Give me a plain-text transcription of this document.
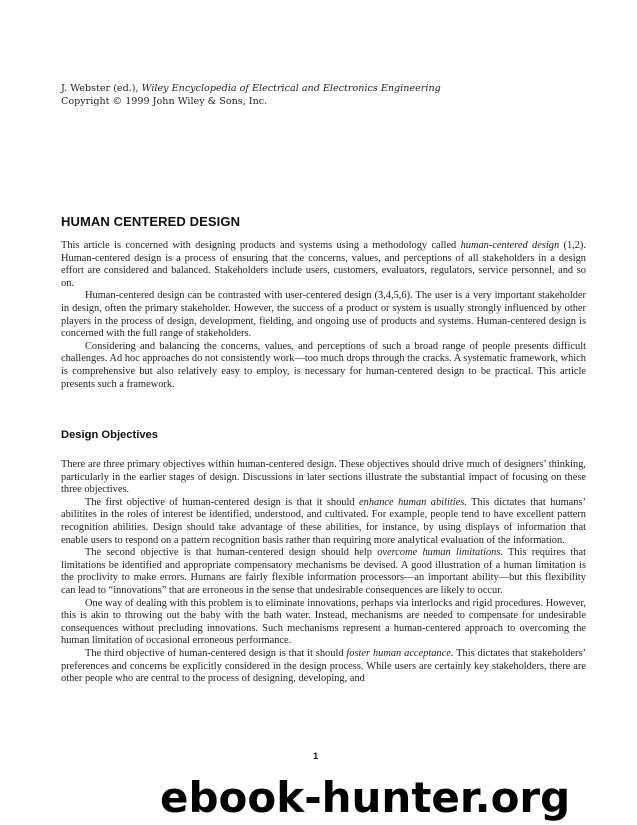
J. Webster (ed.), Wiley Encyclopedia of Electrical and Electronics Engineering
Copyright © 1999 John Wiley & Sons, Inc.
HUMAN CENTERED DESIGN

This article is concerned with designing products and systems using a methodology called human-centered design (1,2). Human-centered design is a process of ensuring that the concerns, values, and perceptions of all stakeholders in a design effort are considered and balanced. Stakeholders include users, customers, evaluators, regulators, service personnel, and so on.

Human-centered design can be contrasted with user-centered design (3,4,5,6). The user is a very important stakeholder in design, often the primary stakeholder. However, the success of a product or system is usually strongly influenced by other players in the process of design, development, fielding, and ongoing use of products and systems. Human-centered design is concerned with the full range of stakeholders.

Considering and balancing the concerns, values, and perceptions of such a broad range of people presents difficult challenges. Ad hoc approaches do not consistently work—too much drops through the cracks. A systematic framework, which is comprehensive but also relatively easy to employ, is necessary for human-centered design to be practical. This article presents such a framework.

Design Objectives

There are three primary objectives within human-centered design. These objectives should drive much of designers’ thinking, particularly in the earlier stages of design. Discussions in later sections illustrate the substantial impact of focusing on these three objectives.

The first objective of human-centered design is that it should enhance human abilities. This dictates that humans’ abilitites in the roles of interest be identified, understood, and cultivated. For example, people tend to have excellent pattern recognition abilities. Design should take advantage of these abilities, for instance, by using displays of information that enable users to respond on a pattern recognition basis rather than requiring more analytical evaluation of the information.

The second objective is that human-centered design should help overcome human limitations. This requires that limitations be identified and appropriate compensatory mechanisms be devised. A good illustration of a human limitation is the proclivity to make errors. Humans are fairly flexible information processors—an important ability—but this flexibility can lead to “innovations” that are erroneous in the sense that undesirable consequences are likely to occur.

One way of dealing with this problem is to eliminate innovations, perhaps via interlocks and rigid procedures. However, this is akin to throwing out the baby with the bath water. Instead, mechanisms are needed to compensate for undesirable consequences without precluding innovations. Such mechanisms represent a human-centered approach to overcoming the human limitation of occasional erroneous performance.

The third objective of human-centered design is that it should foster human acceptance. This dictates that stakeholders’ preferences and concerns be explicitly considered in the design process. While users are certainly key stakeholders, there are other people who are central to the process of designing, developing, and

1
ebook-hunter.org
